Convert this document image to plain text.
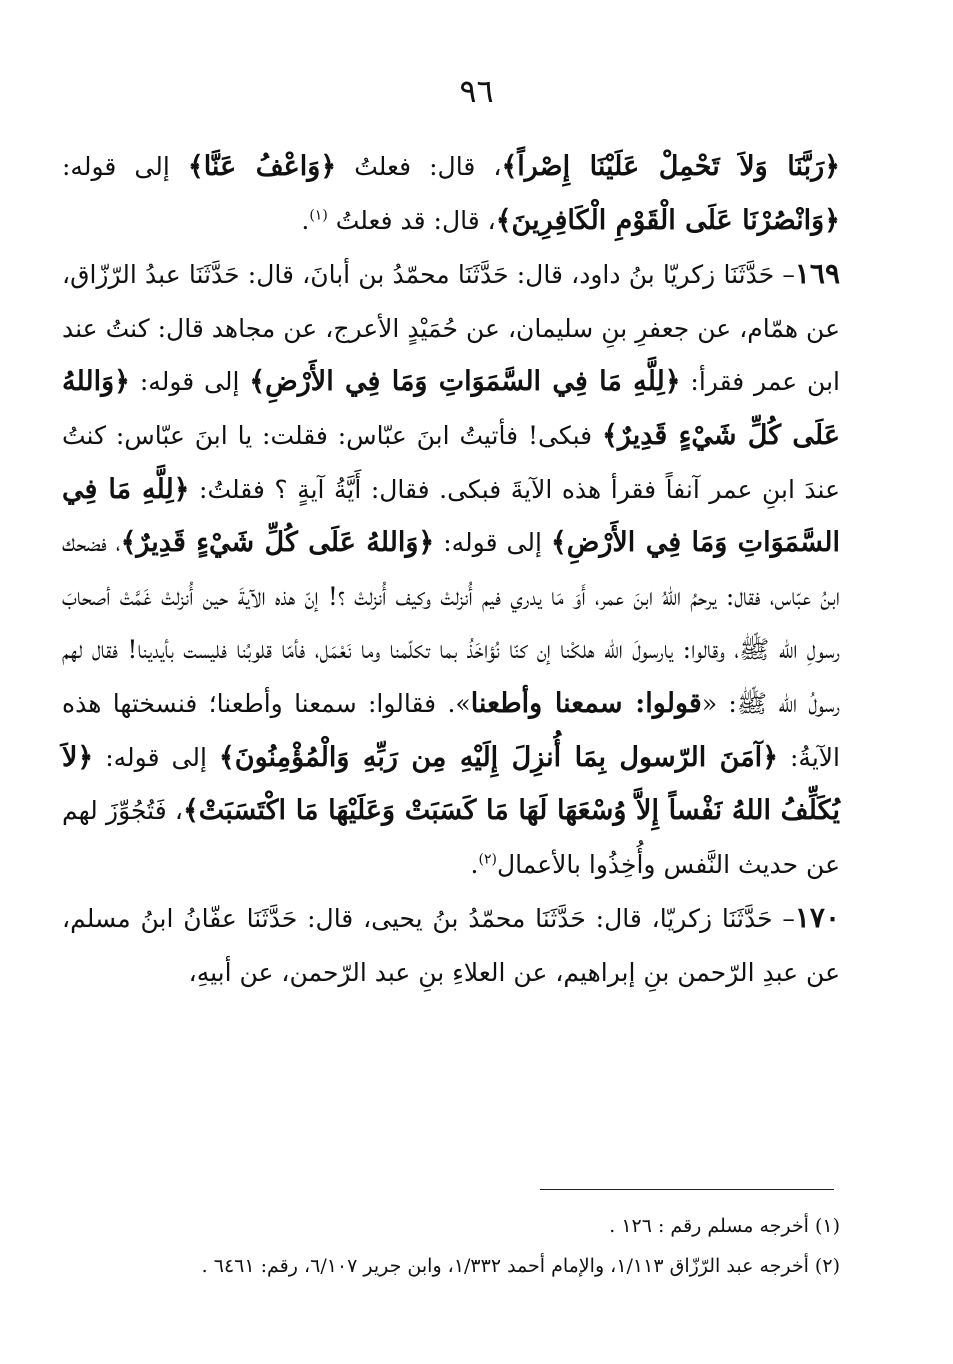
٩٦

﴿رَبَّنَا وَلاَ تَحْمِلْ عَلَيْنَا إِصْراً﴾، قال: فعلتُ ﴿وَاعْفُ عَنَّا﴾ إلى قوله: ﴿وَانْصُرْنَا عَلَى الْقَوْمِ الْكَافِرِينَ﴾، قال: قد فعلتُ $^{(١)}$.

١٦٩– حَدَّثَنَا زكريّا بنُ داود، قال: حَدَّثَنَا محمّدُ بن أبانَ، قال: حَدَّثَنَا عبدُ الرّزّاق، عن همّام، عن جعفرِ بنِ سليمان، عن حُمَيْدٍ الأعرج، عن مجاهد قال: كنتُ عند ابن عمر فقرأ: ﴿لِلَّهِ مَا فِي السَّمَوَاتِ وَمَا فِي الأَرْضِ﴾ إلى قوله: ﴿وَاللهُ عَلَى كُلِّ شَيْءٍ قَدِيرٌ﴾ فبكى! فأتيتُ ابنَ عبّاس: فقلت: يا ابنَ عبّاس: كنتُ عندَ ابنِ عمر آنفاً فقرأ هذه الآيةَ فبكى. فقال: أَيَّةُ آيةٍ ؟ فقلتُ: ﴿لِلَّهِ مَا فِي السَّمَوَاتِ وَمَا فِي الأَرْضِ﴾ إلى قوله: ﴿وَاللهُ عَلَى كُلِّ شَيْءٍ قَدِيرٌ﴾، فضحك ابنُ عبّاس، فقال: يرحمُ اللهُ ابنَ عمر، أَوَ مَا يدري فيم أُنزلتْ وكيف أُنزلتْ ؟! إنّ هذه الآيةَ حين أُنزلتْ غَمَّتْ أصحابَ رسولِ الله ﷺ، وقالوا: يارسولَ الله هلكْنا إن كنّا نُؤاخَذُ بما تكلّمنا وما نَعْمَل، فأمّا قلوبُنا فليست بأيدينا! فقال لهم رسولُ الله ﷺ: «قولوا: سمعنا وأطعنا». فقالوا: سمعنا وأطعنا؛ فنسختها هذه الآيةُ: ﴿آمَنَ الرّسول بِمَا أُنزِلَ إِلَيْهِ مِن رَبِّهِ وَالْمُؤْمِنُونَ﴾ إلى قوله: ﴿لاَ يُكَلِّفُ اللهُ نَفْساً إِلاَّ وُسْعَهَا لَهَا مَا كَسَبَتْ وَعَلَيْهَا مَا اكْتَسَبَتْ﴾، فَتُجُوِّزَ لهم عن حديث النَّفس وأُخِذُوا بالأعمال$^{(٢)}$.

١٧٠– حَدَّثَنَا زكريّا، قال: حَدَّثَنَا محمّدُ بنُ يحيى، قال: حَدَّثَنَا عفّانُ ابنُ مسلم، عن عبدِ الرّحمن بنِ إبراهيم، عن العلاءِ بنِ عبد الرّحمن، عن أبيهِ،

(١) أخرجه مسلم رقم : ١٢٦ .

(٢) أخرجه عبد الرّزّاق ١/١١٣، والإمام أحمد ١/٣٣٢، وابن جرير ٦/١٠٧، رقم: ٦٤٦١ .
